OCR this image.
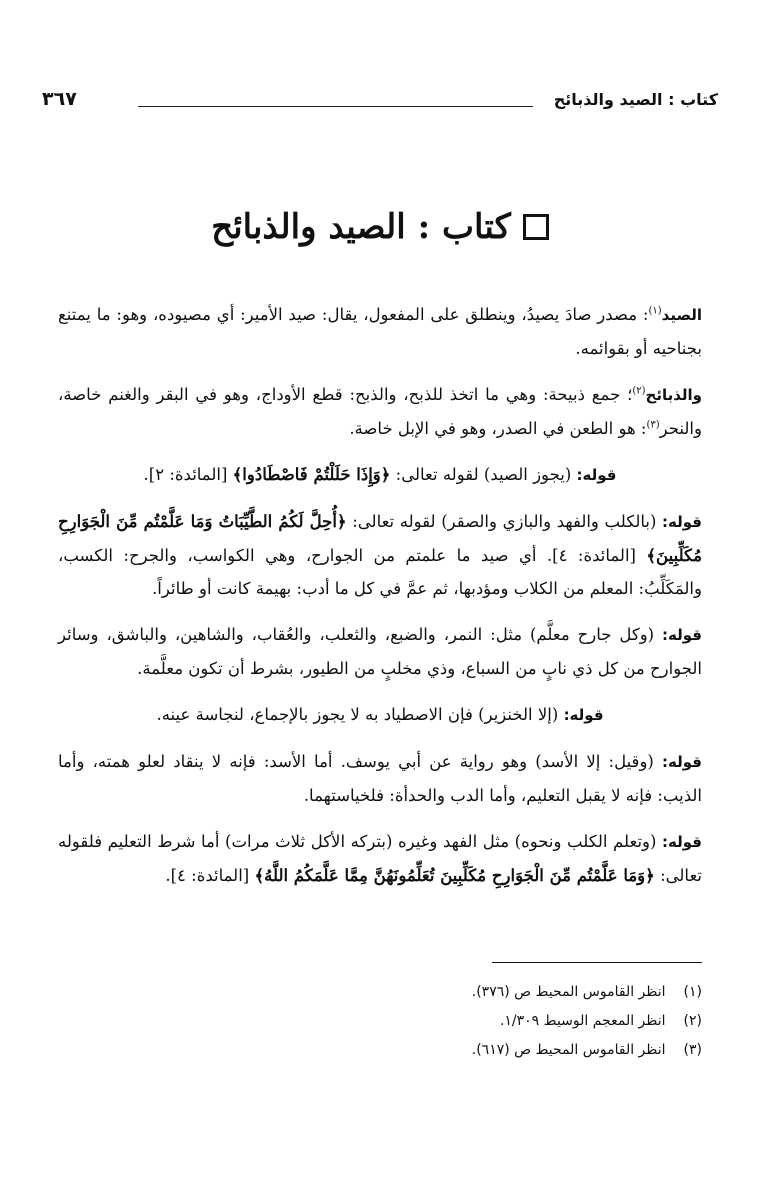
كتاب : الصيد والذبائح
٣٦٧
كتاب : الصيد والذبائح

الصيد$^{(١)}$: مصدر صادَ يصيدُ، وينطلق على المفعول، يقال: صيد الأمير: أي مصيوده، وهو: ما يمتنع بجناحيه أو بقوائمه.

والذبائح$^{(٢)}$؛ جمع ذبيحة: وهي ما اتخذ للذبح، والذبح: قطع الأوداج، وهو في البقر والغنم خاصة، والنحر$^{(٣)}$: هو الطعن في الصدر، وهو في الإبل خاصة.

قوله: (يجوز الصيد) لقوله تعالى: ﴿وَإِذَا حَلَلْتُمْ فَاصْطَادُوا﴾ [المائدة: ٢].

قوله: (بالكلب والفهد والبازي والصقر) لقوله تعالى: ﴿أُحِلَّ لَكُمُ الطَّيِّبَاتُ وَمَا عَلَّمْتُم مِّنَ الْجَوَارِحِ مُكَلِّبِينَ﴾ [المائدة: ٤]. أي صيد ما علمتم من الجوارح، وهي الكواسب، والجرح: الكسب، والمَكَلِّبُ: المعلم من الكلاب ومؤدبها، ثم عمَّ في كل ما أدب: بهيمة كانت أو طائراً.

قوله: (وكل جارح معلَّم) مثل: النمر، والضبع، والثعلب، والعُقاب، والشاهين، والباشق، وسائر الجوارح من كل ذي نابٍ من السباع، وذي مخلبٍ من الطيور، بشرط أن تكون معلَّمة.

قوله: (إلا الخنزير) فإن الاصطياد به لا يجوز بالإجماع، لنجاسة عينه.

قوله: (وقيل: إلا الأسد) وهو رواية عن أبي يوسف. أما الأسد: فإنه لا ينقاد لعلو همته، وأما الذيب: فإنه لا يقبل التعليم، وأما الدب والحدأة: فلخياستهما.

قوله: (وتعلم الكلب ونحوه) مثل الفهد وغيره (بتركه الأكل ثلاث مرات) أما شرط التعليم فلقوله تعالى: ﴿وَمَا عَلَّمْتُم مِّنَ الْجَوَارِحِ مُكَلِّبِينَ تُعَلِّمُونَهُنَّ مِمَّا عَلَّمَكُمُ اللَّهُ﴾ [المائدة: ٤].

(١) انظر القاموس المحيط ص (٣٧٦).
(٢) انظر المعجم الوسيط ١/٣٠٩.
(٣) انظر القاموس المحيط ص (٦١٧).
